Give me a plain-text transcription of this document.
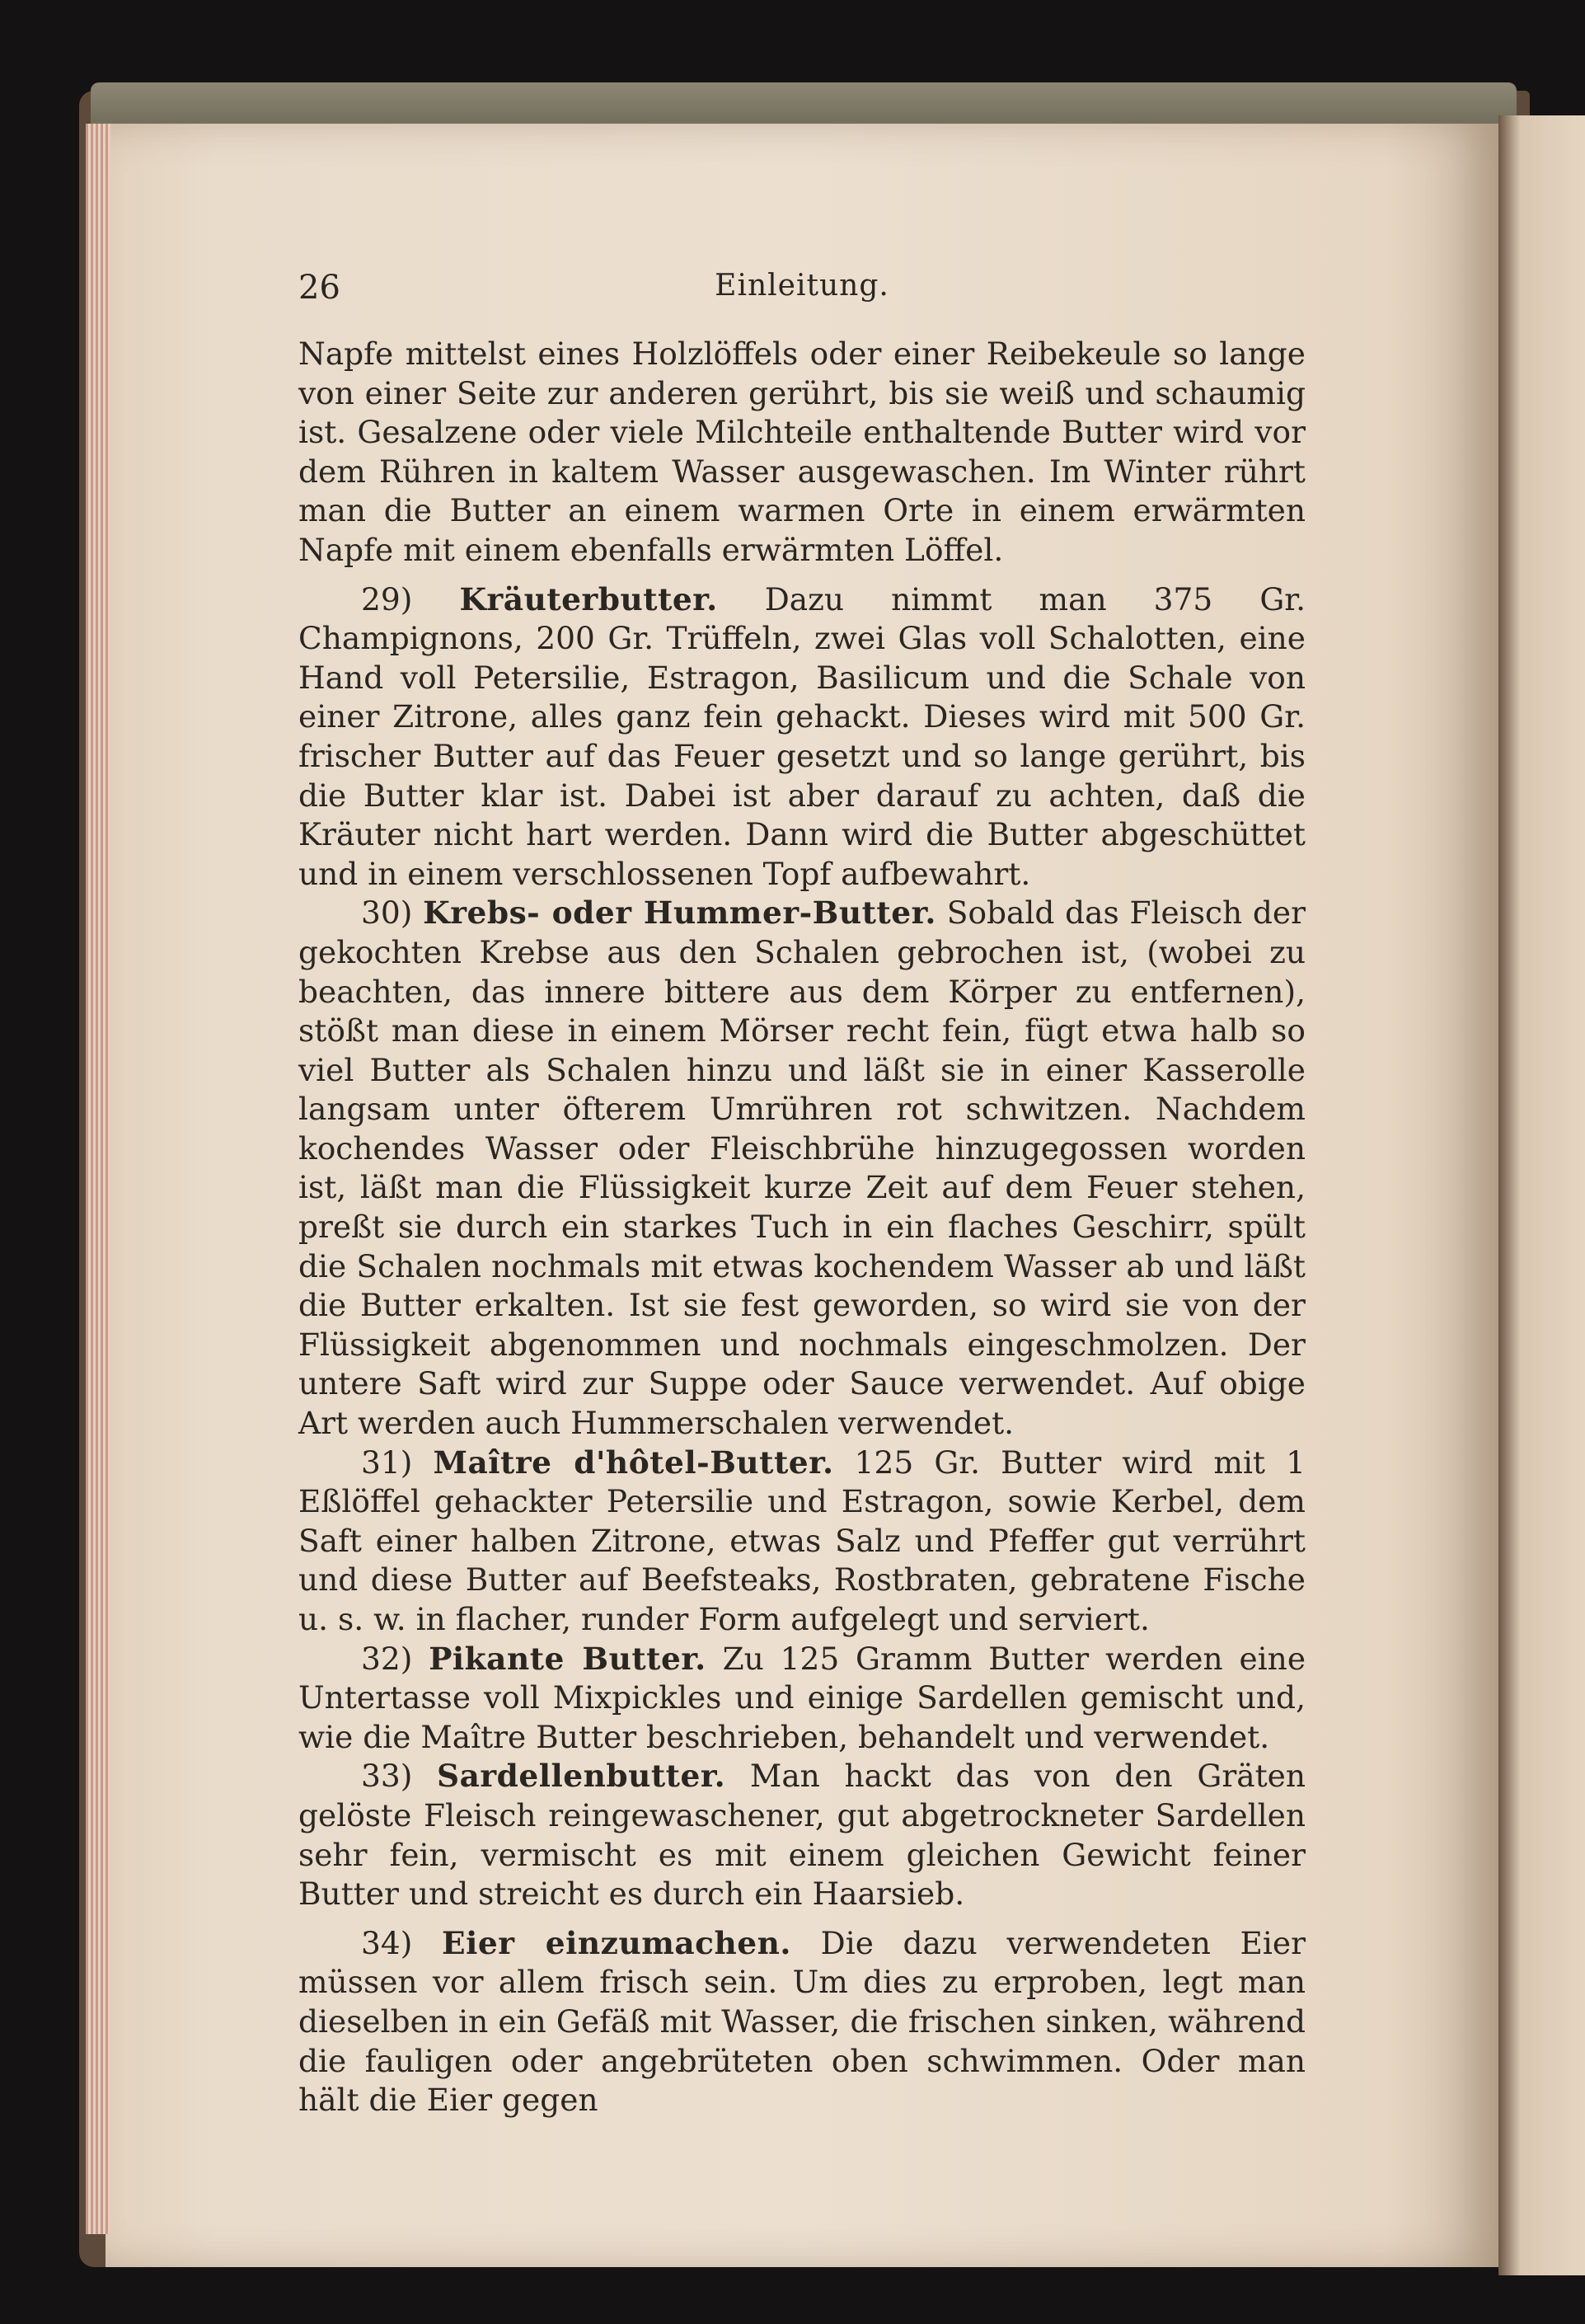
26	Einleitung.

Napfe mittelst eines Holzlöffels oder einer Reibekeule so lange von einer Seite zur anderen gerührt, bis sie weiß und schaumig ist. Gesalzene oder viele Milchteile enthaltende Butter wird vor dem Rühren in kaltem Wasser ausgewaschen. Im Winter rührt man die Butter an einem warmen Orte in einem erwärmten Napfe mit einem ebenfalls erwärmten Löffel.

29) Kräuterbutter. Dazu nimmt man 375 Gr. Champignons, 200 Gr. Trüffeln, zwei Glas voll Schalotten, eine Hand voll Petersilie, Estragon, Basilicum und die Schale von einer Zitrone, alles ganz fein gehackt. Dieses wird mit 500 Gr. frischer Butter auf das Feuer gesetzt und so lange gerührt, bis die Butter klar ist. Dabei ist aber darauf zu achten, daß die Kräuter nicht hart werden. Dann wird die Butter abgeschüttet und in einem verschlossenen Topf aufbewahrt.

30) Krebs- oder Hummer-Butter. Sobald das Fleisch der gekochten Krebse aus den Schalen gebrochen ist, (wobei zu beachten, das innere bittere aus dem Körper zu entfernen), stößt man diese in einem Mörser recht fein, fügt etwa halb so viel Butter als Schalen hinzu und läßt sie in einer Kasserolle langsam unter öfterem Umrühren rot schwitzen. Nachdem kochendes Wasser oder Fleischbrühe hinzugegossen worden ist, läßt man die Flüssigkeit kurze Zeit auf dem Feuer stehen, preßt sie durch ein starkes Tuch in ein flaches Geschirr, spült die Schalen nochmals mit etwas kochendem Wasser ab und läßt die Butter erkalten. Ist sie fest geworden, so wird sie von der Flüssigkeit abgenommen und nochmals eingeschmolzen. Der untere Saft wird zur Suppe oder Sauce verwendet. Auf obige Art werden auch Hummerschalen verwendet.

31) Maître d'hôtel-Butter. 125 Gr. Butter wird mit 1 Eßlöffel gehackter Petersilie und Estragon, sowie Kerbel, dem Saft einer halben Zitrone, etwas Salz und Pfeffer gut verrührt und diese Butter auf Beefsteaks, Rostbraten, gebratene Fische u. s. w. in flacher, runder Form aufgelegt und serviert.

32) Pikante Butter. Zu 125 Gramm Butter werden eine Untertasse voll Mixpickles und einige Sardellen gemischt und, wie die Maître Butter beschrieben, behandelt und verwendet.

33) Sardellenbutter. Man hackt das von den Gräten gelöste Fleisch reingewaschener, gut abgetrockneter Sardellen sehr fein, vermischt es mit einem gleichen Gewicht feiner Butter und streicht es durch ein Haarsieb.

34) Eier einzumachen. Die dazu verwendeten Eier müssen vor allem frisch sein. Um dies zu erproben, legt man dieselben in ein Gefäß mit Wasser, die frischen sinken, während die fauligen oder angebrüteten oben schwimmen. Oder man hält die Eier gegen
